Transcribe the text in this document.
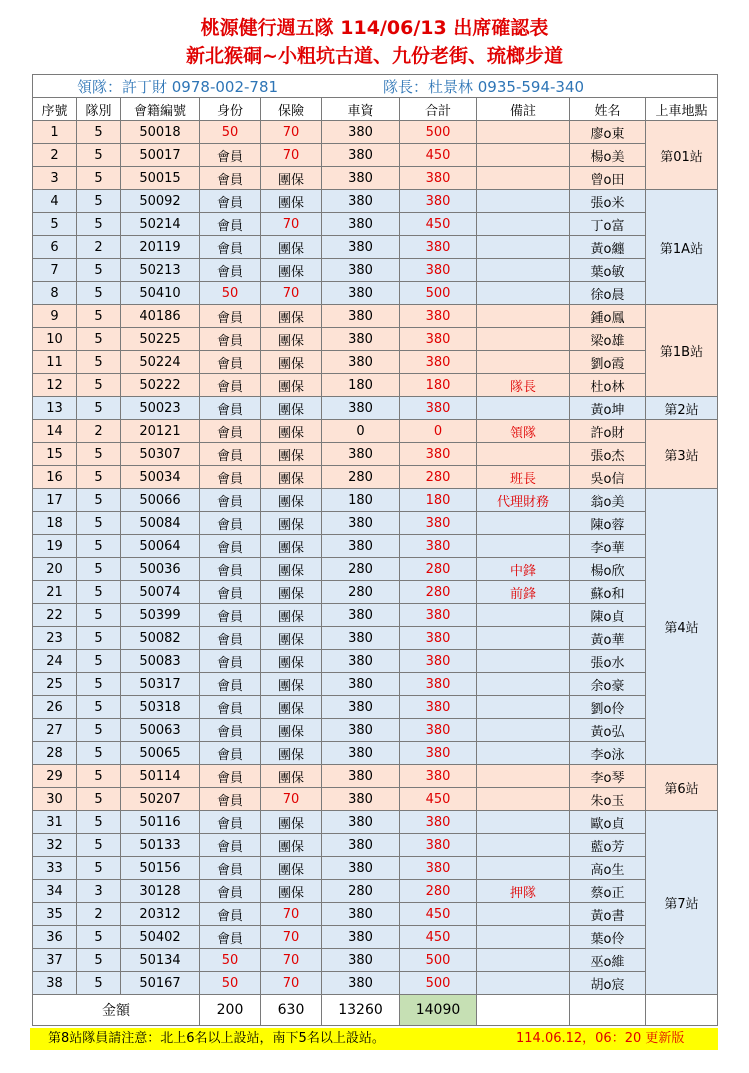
桃源健行週五隊 114/06/13 出席確認表
新北猴硐~小粗坑古道、九份老街、琉榔步道
領隊：許丁財 0978-002-781 隊長：杜景林 0935-594-340									
序號	隊別	會籍編號	身份	保險	車資	合計	備註	姓名	上車地點
1	5	50018	50	70	380	500		廖o東	第01站
2	5	50017	會員	70	380	450		楊o美	
3	5	50015	會員	團保	380	380		曾o田	
4	5	50092	會員	團保	380	380		張o米	第1A站
5	5	50214	會員	70	380	450		丁o富	
6	2	20119	會員	團保	380	380		黃o纏	
7	5	50213	會員	團保	380	380		葉o敏	
8	5	50410	50	70	380	500		徐o晨	
9	5	40186	會員	團保	380	380		鍾o鳳	第1B站
10	5	50225	會員	團保	380	380		梁o雄	
11	5	50224	會員	團保	380	380		劉o霞	
12	5	50222	會員	團保	180	180	隊長	杜o林	
13	5	50023	會員	團保	380	380		黃o坤	第2站
14	2	20121	會員	團保	0	0	領隊	許o財	第3站
15	5	50307	會員	團保	380	380		張o杰	
16	5	50034	會員	團保	280	280	班長	吳o信	
17	5	50066	會員	團保	180	180	代理財務	翁o美	第4站
18	5	50084	會員	團保	380	380		陳o蓉	
19	5	50064	會員	團保	380	380		李o華	
20	5	50036	會員	團保	280	280	中鋒	楊o欣	
21	5	50074	會員	團保	280	280	前鋒	蘇o和	
22	5	50399	會員	團保	380	380		陳o貞	
23	5	50082	會員	團保	380	380		黃o華	
24	5	50083	會員	團保	380	380		張o水	
25	5	50317	會員	團保	380	380		余o豪	
26	5	50318	會員	團保	380	380		劉o伶	
27	5	50063	會員	團保	380	380		黃o弘	
28	5	50065	會員	團保	380	380		李o泳	
29	5	50114	會員	團保	380	380		李o琴	第6站
30	5	50207	會員	70	380	450		朱o玉	
31	5	50116	會員	團保	380	380		歐o貞	第7站
32	5	50133	會員	團保	380	380		藍o芳	
33	5	50156	會員	團保	380	380		高o生	
34	3	30128	會員	團保	280	280	押隊	蔡o正	
35	2	20312	會員	70	380	450		黃o書	
36	5	50402	會員	70	380	450		葉o伶	
37	5	50134	50	70	380	500		巫o維	
38	5	50167	50	70	380	500		胡o宸	
金額			200	630	13260	14090			
第8站隊員請注意：北上6名以上設站，南下5名以上設站。	114.06.12，06：20 更新版
